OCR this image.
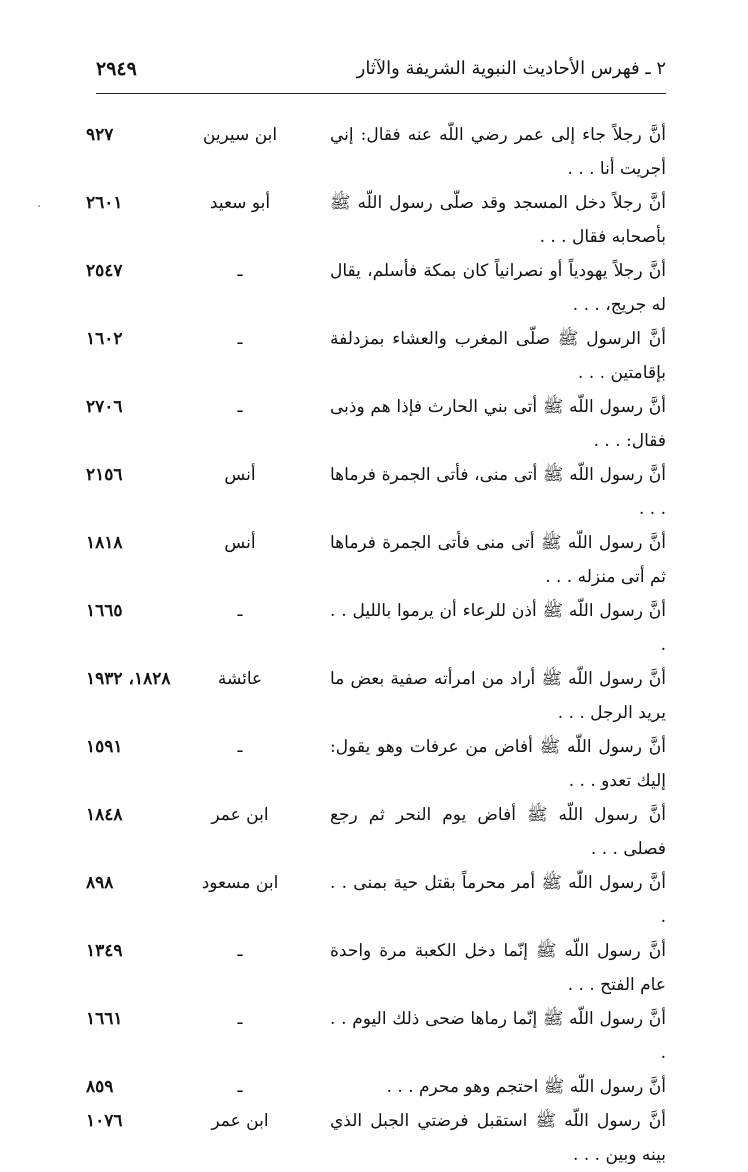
٢ ـ فهرس الأحاديث النبوية الشريفة والآثار
٢٩٤٩
أنَّ رجلاً جاء إلى عمر رضي اللّه عنه فقال: إني أجريت أنا . . .
ابن سيرين
٩٢٧
أنَّ رجلاً دخل المسجد وقد صلّى رسول اللّه ﷺ بأصحابه فقال . . .
أبو سعيد
٢٦٠١
أنَّ رجلاً يهودياً أو نصرانياً كان بمكة فأسلم، يقال له جريج، . . .
ـ
٢٥٤٧
أنَّ الرسول ﷺ صلّى المغرب والعشاء بمزدلفة بإقامتين . . .
ـ
١٦٠٢
أنَّ رسول اللّه ﷺ أتى بني الحارث فإذا هم وذبى فقال: . . .
ـ
٢٧٠٦
أنَّ رسول اللّه ﷺ أتى منى، فأتى الجمرة فرماها . . .
أنس
٢١٥٦
أنَّ رسول اللّه ﷺ أتى منى فأتى الجمرة فرماها ثم أتى منزله . . .
أنس
١٨١٨
أنَّ رسول اللّه ﷺ أذن للرعاء أن يرموا بالليل . . .
ـ
١٦٦٥
أنَّ رسول اللّه ﷺ أراد من امرأته صفية بعض ما يريد الرجل . . .
عائشة
١٨٢٨، ١٩٣٢
أنَّ رسول اللّه ﷺ أفاض من عرفات وهو يقول: إليك تعدو . . .
ـ
١٥٩١
أنَّ رسول اللّه ﷺ أفاض يوم النحر ثم رجع فصلى . . .
ابن عمر
١٨٤٨
أنَّ رسول اللّه ﷺ أمر محرماً بقتل حية بمنى . . .
ابن مسعود
٨٩٨
أنَّ رسول اللّه ﷺ إنّما دخل الكعبة مرة واحدة عام الفتح . . .
ـ
١٣٤٩
أنَّ رسول اللّه ﷺ إنّما رماها ضحى ذلك اليوم . . .
ـ
١٦٦١
أنَّ رسول اللّه ﷺ احتجم وهو محرم . . .
ـ
٨٥٩
أنَّ رسول اللّه ﷺ استقبل فرضتي الجبل الذي بينه وبين . . .
ابن عمر
١٠٧٦
